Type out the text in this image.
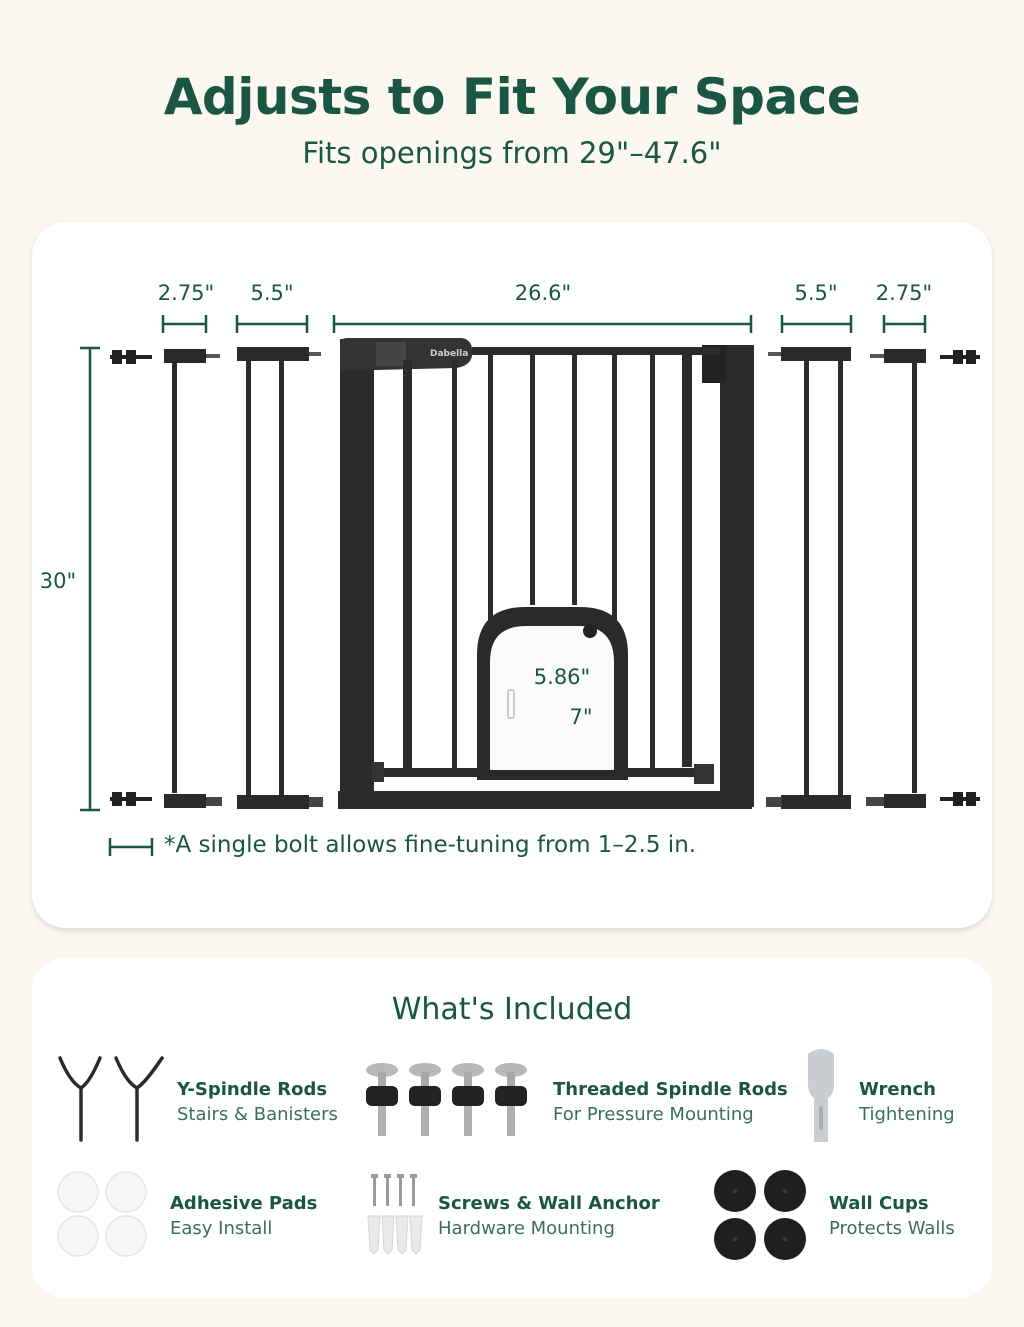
Adjusts to Fit Your Space

Fits openings from 29"–47.6"

2.75" 5.5"	26.6"	5.5" 2.75"
30"
Dabella
5.86"
7"
*A single bolt allows fine-tuning from 1–2.5 in.
What's Included
Y-Spindle Rods
Stairs & Banisters
Threaded Spindle Rods
For Pressure Mounting
Wrench
Tightening
Adhesive Pads
Easy Install
Screws & Wall Anchor
Hardware Mounting
Wall Cups
Protects Walls
